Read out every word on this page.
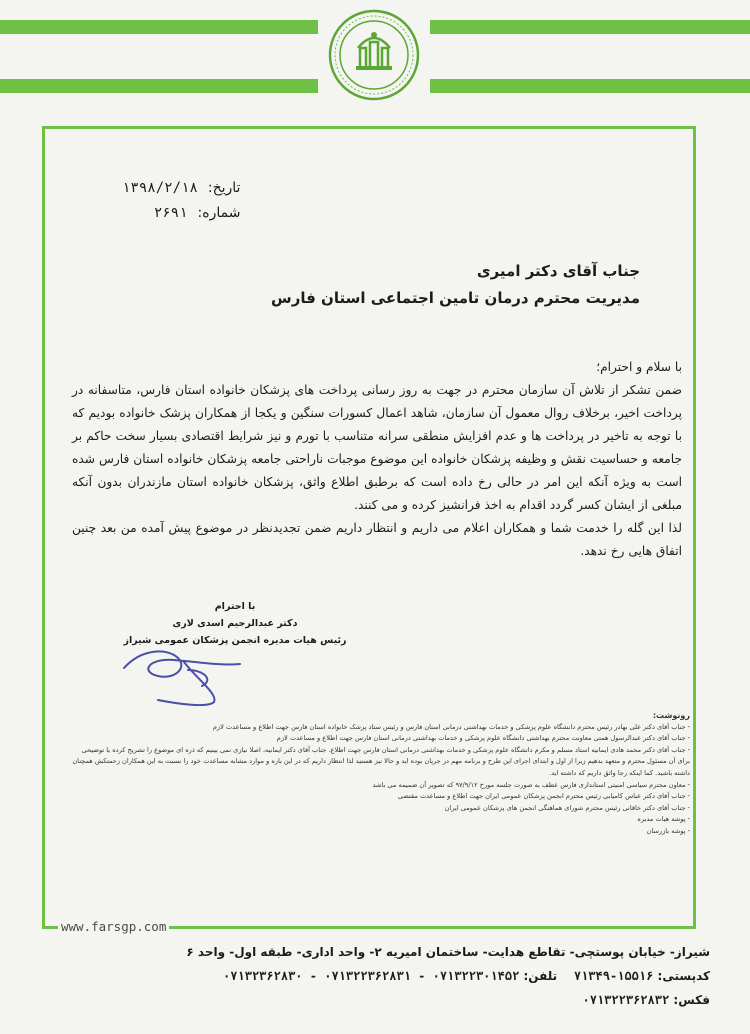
تاریخ:
۱۳۹۸/۲/۱۸
شماره:
۲۶۹۱
جناب آقای دکتر امیری
مدیریت محترم درمان تامین اجتماعی استان فارس
با سلام و احترام؛
ضمن تشکر از تلاش آن سازمان محترم در جهت به روز رسانی پرداخت های پزشکان خانواده استان فارس، متاسفانه در پرداخت اخیر، برخلاف روال معمول آن سازمان، شاهد اعمال کسورات سنگین و یکجا از همکاران پزشک خانواده بودیم که با توجه به تاخیر در پرداخت ها و عدم افزایش منطقی سرانه متناسب با تورم و نیز شرایط اقتصادی بسیار سخت حاکم بر جامعه و حساسیت نقش و وظیفه پزشکان خانواده این موضوع موجبات ناراحتی جامعه پزشکان خانواده استان فارس شده است به ویژه آنکه این امر در حالی رخ داده است که برطبق اطلاع واثق، پزشکان خانواده استان مازندران بدون آنکه مبلغی از ایشان کسر گردد اقدام به اخذ فرانشیز کرده و می کنند.
لذا این گله را خدمت شما و همکاران اعلام می داریم و انتظار داریم ضمن تجدیدنظر در موضوع پیش آمده من بعد چنین اتفاق هایی رخ ندهد.
با احترام
دکتر عبدالرحیم اسدی لاری
رئیس هیات مدیره انجمن پزشکان عمومی شیراز
رونوشت:
- جناب آقای دکتر علی بهادر رئیس محترم دانشگاه علوم پزشکی و خدمات بهداشتی درمانی استان فارس و رئیس ستاد پزشک خانواده استان فارس جهت اطلاع و مساعدت لازم
- جناب آقای دکتر عبدالرسول همتی معاونت محترم بهداشتی دانشگاه علوم پزشکی و خدمات بهداشتی درمانی استان فارس جهت اطلاع و مساعدت لازم
- جناب آقای دکتر محمد هادی ایمانیه استاد مسلم و مکرم دانشگاه علوم پزشکی و خدمات بهداشتی درمانی استان فارس جهت اطلاع. جناب آقای دکتر ایمانیه، اصلا نیازی نمی بینیم که ذره ای موضوع را تشریح کرده یا توضیحی برای آن مسئول محترم و متعهد بدهیم زیرا از اول و ابتدای اجرای این طرح و برنامه مهم در جریان بوده اید و حالا نیز هستید لذا انتظار داریم که در این باره و موارد مشابه مساعدت خود را نسبت به این همکاران زحمتکش همچنان داشته باشید. کما اینکه رجا واثق داریم که داشته اید.
- معاون محترم سیاسی امنیتی استانداری فارس عطف به صورت جلسه مورخ ۹۷/۹/۱۲ که تصویر آن ضمیمه می باشد
- جناب آقای دکتر عباس کامیابی رئیس محترم انجمن پزشکان عمومی ایران جهت اطلاع و مساعدت مقتضی
- جناب آقای دکتر خاقانی رئیس محترم شورای هماهنگی انجمن های پزشکان عمومی ایران
- پوشه هیات مدیره
- پوشه بازرسان
www.farsgp.com
شیراز- خیابان پوستچی- تقاطع هدایت- ساختمان امیریه ۲- واحد اداری- طبقه اول- واحد ۶
کدپستی: ۱۵۵۱۶-۷۱۳۴۹    تلفن: ۰۷۱۳۲۲۳۰۱۴۵۲ - ۰۷۱۳۲۲۳۶۲۸۳۱ - ۰۷۱۳۲۳۶۲۸۳۰
فکس: ۰۷۱۳۲۲۳۶۲۸۳۲
